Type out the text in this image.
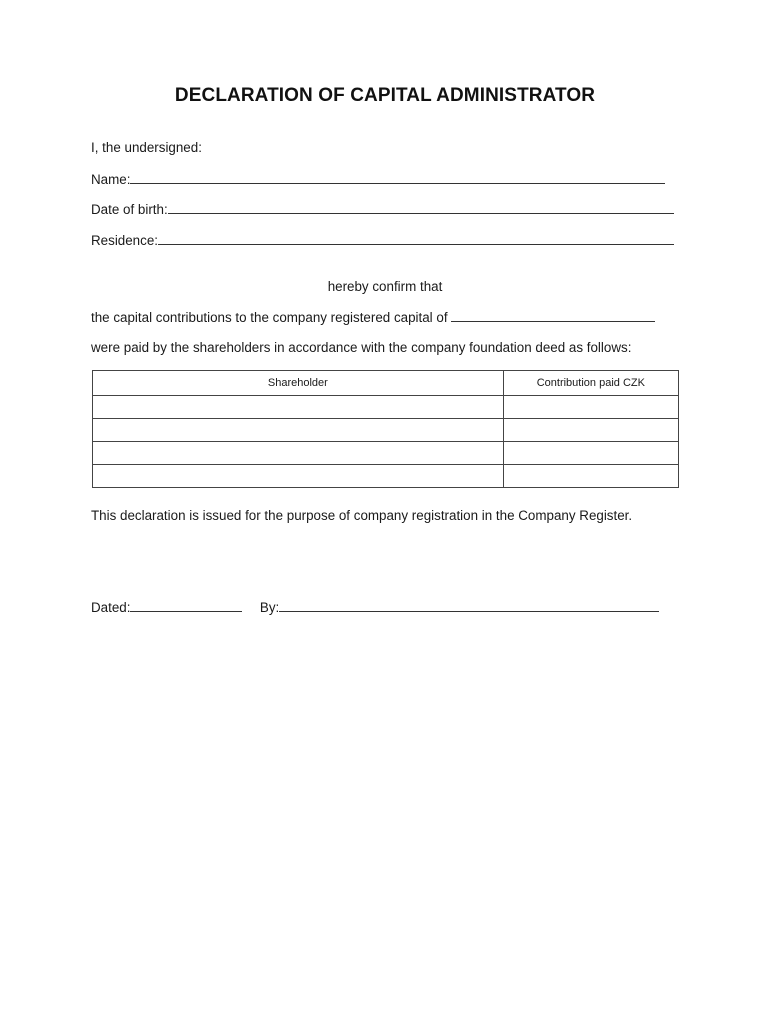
DECLARATION OF CAPITAL ADMINISTRATOR
I, the undersigned:
Name:
Date of birth:
Residence:
hereby confirm that
the capital contributions to the company registered capital of
were paid by the shareholders in accordance with the company foundation deed as follows:
Shareholder	Contribution paid CZK

This declaration is issued for the purpose of company registration in the Company Register.
Dated:	By:
